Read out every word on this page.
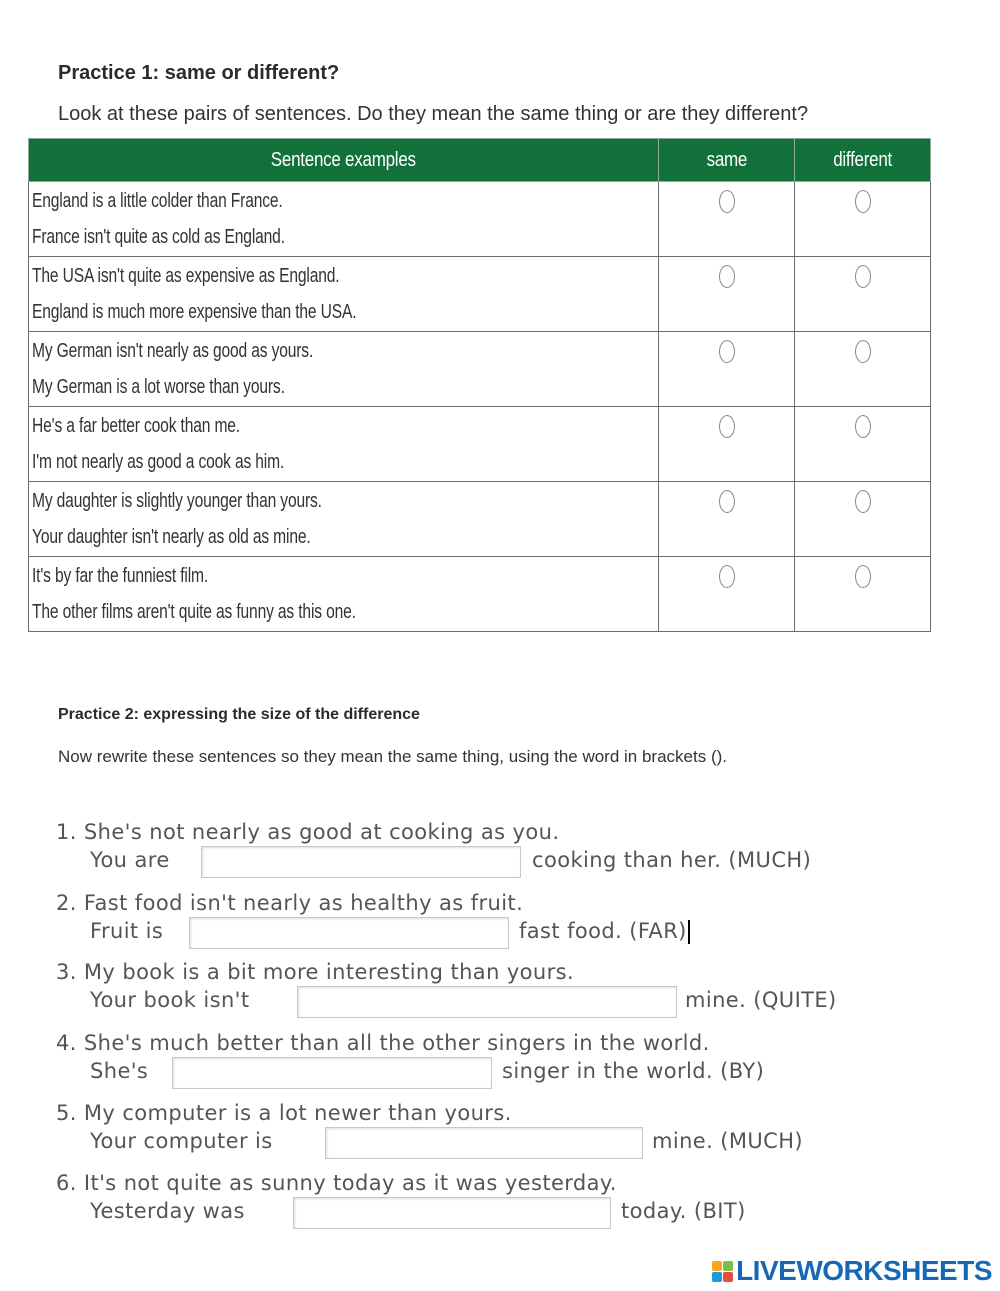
Practice 1: same or different?
Look at these pairs of sentences. Do they mean the same thing or are they different?
Sentence examples	same	different

England is a little colder than France.
France isn't quite as cold as England.		

The USA isn't quite as expensive as England.
England is much more expensive than the USA.		

My German isn't nearly as good as yours.
My German is a lot worse than yours.		

He's a far better cook than me.
I'm not nearly as good a cook as him.		

My daughter is slightly younger than yours.
Your daughter isn't nearly as old as mine.		

It's by far the funniest film.
The other films aren't quite as funny as this one.		

Practice 2: expressing the size of the difference
Now rewrite these sentences so they mean the same thing, using the word in brackets ().
1. She's not nearly as good at cooking as you.
You are	cooking than her. (MUCH)
2. Fast food isn't nearly as healthy as fruit.
Fruit is	fast food. (FAR)
3. My book is a bit more interesting than yours.
Your book isn't	mine. (QUITE)
4. She's much better than all the other singers in the world.
She's	singer in the world. (BY)
5. My computer is a lot newer than yours.
Your computer is	mine. (MUCH)
6. It's not quite as sunny today as it was yesterday.
Yesterday was	today. (BIT)
LIVEWORKSHEETS
